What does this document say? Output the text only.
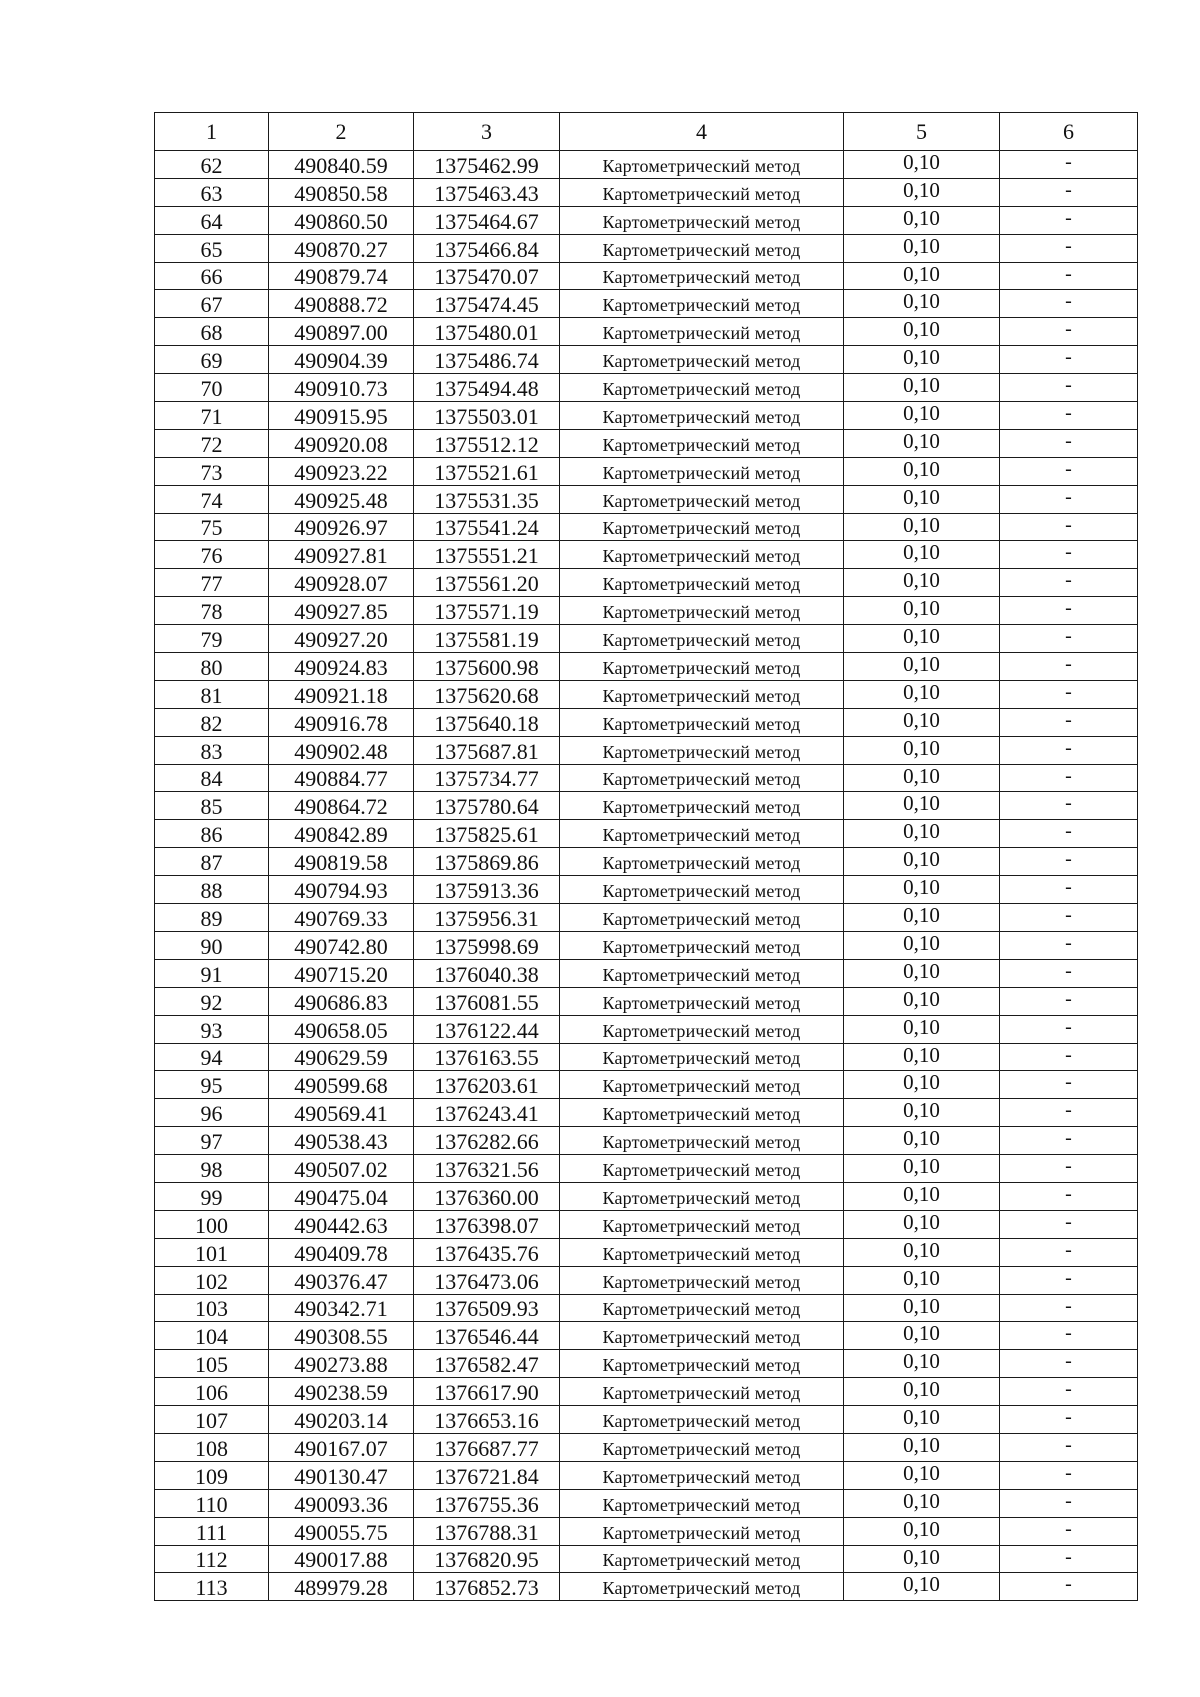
1	2	3	4	5	6
62	490840.59	1375462.99	Картометрический метод	0,10	-
63	490850.58	1375463.43	Картометрический метод	0,10	-
64	490860.50	1375464.67	Картометрический метод	0,10	-
65	490870.27	1375466.84	Картометрический метод	0,10	-
66	490879.74	1375470.07	Картометрический метод	0,10	-
67	490888.72	1375474.45	Картометрический метод	0,10	-
68	490897.00	1375480.01	Картометрический метод	0,10	-
69	490904.39	1375486.74	Картометрический метод	0,10	-
70	490910.73	1375494.48	Картометрический метод	0,10	-
71	490915.95	1375503.01	Картометрический метод	0,10	-
72	490920.08	1375512.12	Картометрический метод	0,10	-
73	490923.22	1375521.61	Картометрический метод	0,10	-
74	490925.48	1375531.35	Картометрический метод	0,10	-
75	490926.97	1375541.24	Картометрический метод	0,10	-
76	490927.81	1375551.21	Картометрический метод	0,10	-
77	490928.07	1375561.20	Картометрический метод	0,10	-
78	490927.85	1375571.19	Картометрический метод	0,10	-
79	490927.20	1375581.19	Картометрический метод	0,10	-
80	490924.83	1375600.98	Картометрический метод	0,10	-
81	490921.18	1375620.68	Картометрический метод	0,10	-
82	490916.78	1375640.18	Картометрический метод	0,10	-
83	490902.48	1375687.81	Картометрический метод	0,10	-
84	490884.77	1375734.77	Картометрический метод	0,10	-
85	490864.72	1375780.64	Картометрический метод	0,10	-
86	490842.89	1375825.61	Картометрический метод	0,10	-
87	490819.58	1375869.86	Картометрический метод	0,10	-
88	490794.93	1375913.36	Картометрический метод	0,10	-
89	490769.33	1375956.31	Картометрический метод	0,10	-
90	490742.80	1375998.69	Картометрический метод	0,10	-
91	490715.20	1376040.38	Картометрический метод	0,10	-
92	490686.83	1376081.55	Картометрический метод	0,10	-
93	490658.05	1376122.44	Картометрический метод	0,10	-
94	490629.59	1376163.55	Картометрический метод	0,10	-
95	490599.68	1376203.61	Картометрический метод	0,10	-
96	490569.41	1376243.41	Картометрический метод	0,10	-
97	490538.43	1376282.66	Картометрический метод	0,10	-
98	490507.02	1376321.56	Картометрический метод	0,10	-
99	490475.04	1376360.00	Картометрический метод	0,10	-
100	490442.63	1376398.07	Картометрический метод	0,10	-
101	490409.78	1376435.76	Картометрический метод	0,10	-
102	490376.47	1376473.06	Картометрический метод	0,10	-
103	490342.71	1376509.93	Картометрический метод	0,10	-
104	490308.55	1376546.44	Картометрический метод	0,10	-
105	490273.88	1376582.47	Картометрический метод	0,10	-
106	490238.59	1376617.90	Картометрический метод	0,10	-
107	490203.14	1376653.16	Картометрический метод	0,10	-
108	490167.07	1376687.77	Картометрический метод	0,10	-
109	490130.47	1376721.84	Картометрический метод	0,10	-
110	490093.36	1376755.36	Картометрический метод	0,10	-
111	490055.75	1376788.31	Картометрический метод	0,10	-
112	490017.88	1376820.95	Картометрический метод	0,10	-
113	489979.28	1376852.73	Картометрический метод	0,10	-
